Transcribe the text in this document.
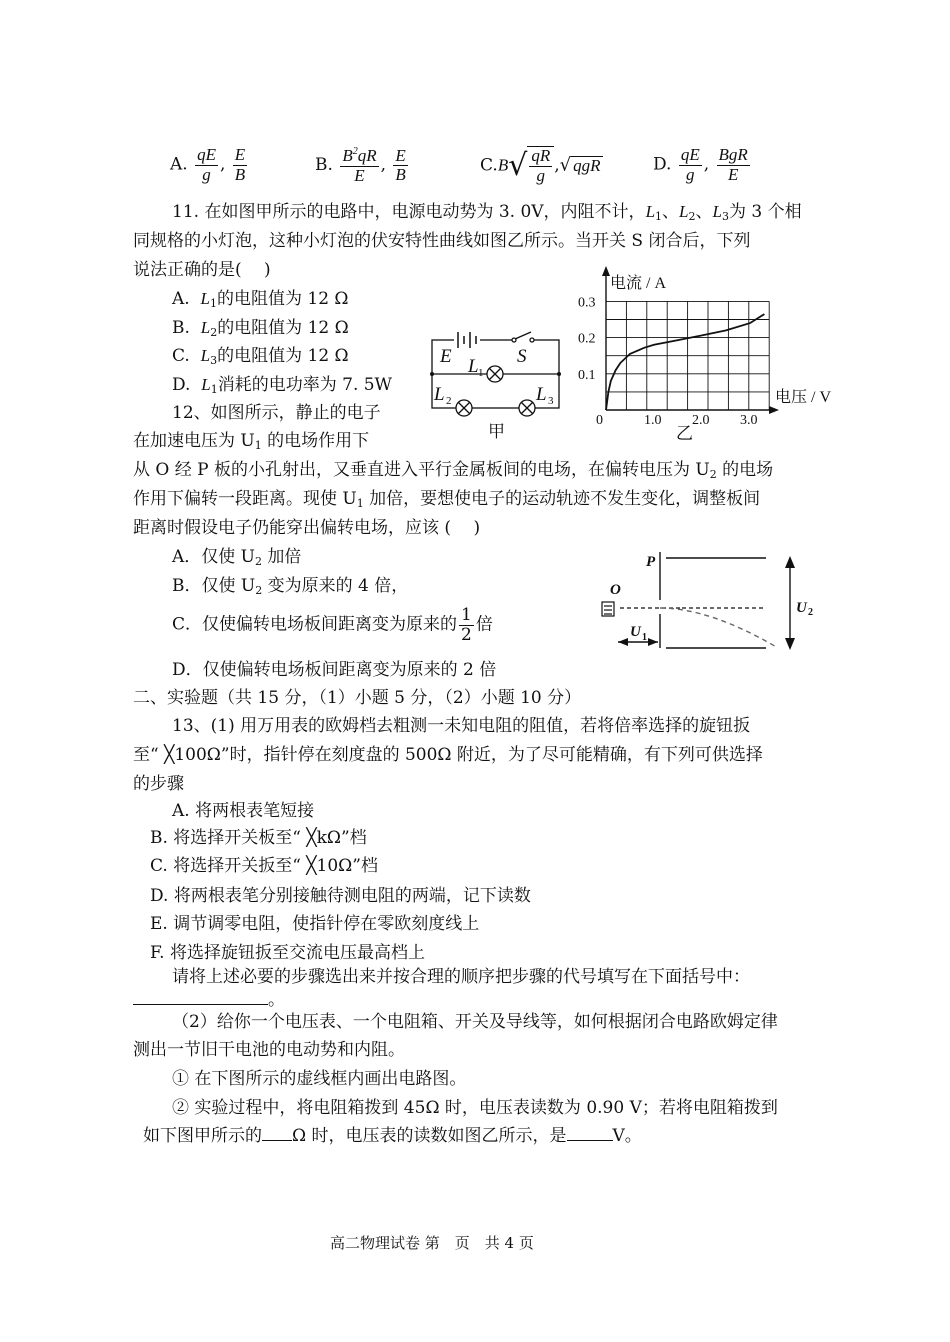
A. $\frac{qE}{g}$ , $\frac{E}{B}$	B. $\frac{B^2qR}{E}$ , $\frac{E}{B}$	$C.B√ \frac{qR}{g}$ ,√ qgR	D. $\frac{qE}{g}$ , $\frac{\text{BgR}}{E}$
11. 在如图甲所示的电路中，电源电动势为 3. 0V，内阻不计，$L_1$、$L_2$、$L_3$为 3 个相
同规格的小灯泡，这种小灯泡的伏安特性曲线如图乙所示。当开关 S 闭合后，下列
说法正确的是(　 )
A. $L_1$的电阻值为 12 Ω
B. $L_2$的电阻值为 12 Ω
C. $L_3$的电阻值为 12 Ω
D. $L_1$消耗的电功率为 7. 5W
E	S
L
L	L
1
2	3
甲
1.0 2.0 3.0
0.1
0.2
0.3
电流 / A
电压 / V
0
乙
12、如图所示，静止的电子
在加速电压为 $U_1$ 的电场作用下
从 O 经 P 板的小孔射出，又垂直进入平行金属板间的电场，在偏转电压为 $U_2$ 的电场
作用下偏转一段距离。现使 $U_1$ 加倍，要想使电子的运动轨迹不发生变化，调整板间
距离时假设电子仍能穿出偏转电场，应该 (　 )
A．仅使 $U_2$ 加倍
B．仅使 $U_2$ 变为原来的 4 倍，
C．仅使偏转电场板间距离变为原来的 $\frac{1}{2}$ 倍
D．仅使偏转电场板间距离变为原来的 2 倍
P
O
U
U
1
2
二、实验题（共 15 分，（1）小题 5 分，（2）小题 10 分）
13、(1) 用万用表的欧姆档去粗测一未知电阻的阻值，若将倍率选择的旋钮扳
至“ ╳100Ω”时，指针停在刻度盘的 500Ω 附近，为了尽可能精确，有下列可供选择
的步骤
A. 将两根表笔短接
B. 将选择开关板至“ ╳kΩ”档
C. 将选择开关扳至“ ╳10Ω”档
D. 将两根表笔分别接触待测电阻的两端，记下读数
E. 调节调零电阻，使指针停在零欧刻度线上
F. 将选择旋钮扳至交流电压最高档上
请将上述必要的步骤选出来并按合理的顺序把步骤的代号填写在下面括号中：
。
（2）给你一个电压表、一个电阻箱、开关及导线等，如何根据闭合电路欧姆定律
测出一节旧干电池的电动势和内阻。
① 在下图所示的虚线框内画出电路图。
② 实验过程中，将电阻箱拨到 45Ω 时，电压表读数为 0.90 V；若将电阻箱拨到
如下图甲所示的 Ω 时，电压表的读数如图乙所示，是	V。
高二物理试卷 第　页　共 4 页
